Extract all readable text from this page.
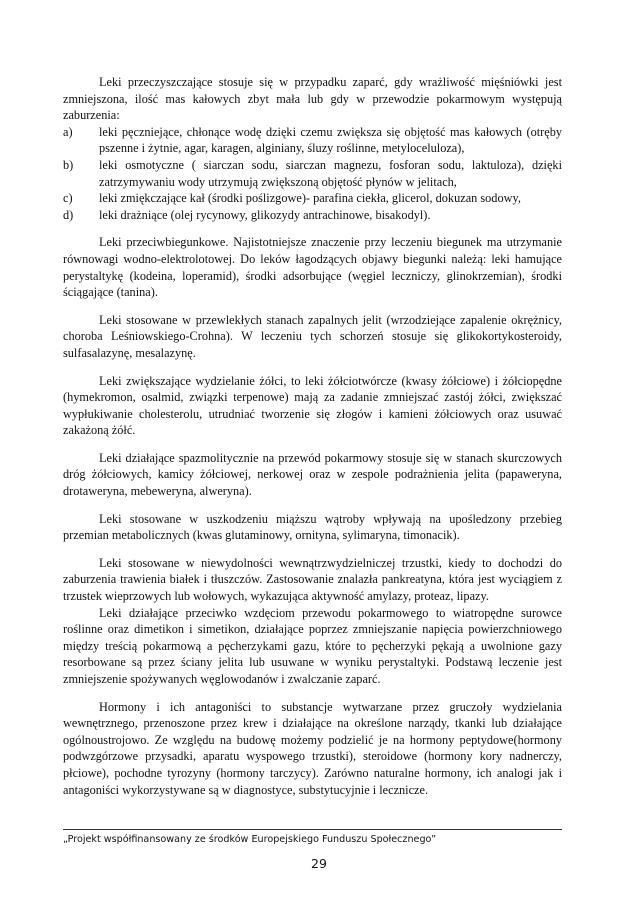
Leki przeczyszczające stosuje się w przypadku zaparć, gdy wrażliwość mięśniówki jest zmniejszona, ilość mas kałowych zbyt mała lub gdy w przewodzie pokarmowym występują zaburzenia:

a) leki pęczniejące, chłonące wodę dzięki czemu zwiększa się objętość mas kałowych (otręby pszenne i żytnie, agar, karagen, alginiany, śluzy roślinne, metyloceluloza),
b) leki osmotyczne ( siarczan sodu, siarczan magnezu, fosforan sodu, laktuloza), dzięki zatrzymywaniu wody utrzymują zwiększoną objętość płynów w jelitach,
c) leki zmiękczające kał (środki poślizgowe)- parafina ciekła, glicerol, dokuzan sodowy,
d) leki drażniące (olej rycynowy, glikozydy antrachinowe, bisakodyl).

Leki przeciwbiegunkowe. Najistotniejsze znaczenie przy leczeniu biegunek ma utrzymanie równowagi wodno-elektrolotowej. Do leków łagodzących objawy biegunki należą: leki hamujące perystaltykę (kodeina, loperamid), środki adsorbujące (węgiel leczniczy, glinokrzemian), środki ściągające (tanina).

Leki stosowane w przewlekłych stanach zapalnych jelit (wrzodziejące zapalenie okrężnicy, choroba Leśniowskiego-Crohna). W leczeniu tych schorzeń stosuje się glikokortykosteroidy, sulfasalazynę, mesalazynę.

Leki zwiększające wydzielanie żółci, to leki żółciotwórcze (kwasy żółciowe) i żółciopędne (hymekromon, osalmid, związki terpenowe) mają za zadanie zmniejszać zastój żółci, zwiększać wypłukiwanie cholesterolu, utrudniać tworzenie się złogów i kamieni żółciowych oraz usuwać zakażoną żółć.

Leki działające spazmolitycznie na przewód pokarmowy stosuje się w stanach skurczowych dróg żółciowych, kamicy żółciowej, nerkowej oraz w zespole podrażnienia jelita (papaweryna, drotaweryna, mebeweryna, alweryna).

Leki stosowane w uszkodzeniu miąższu wątroby wpływają na upośledzony przebieg przemian metabolicznych (kwas glutaminowy, ornityna, sylimaryna, timonacik).

Leki stosowane w niewydolności wewnątrzwydzielniczej trzustki, kiedy to dochodzi do zaburzenia trawienia białek i tłuszczów. Zastosowanie znalazła pankreatyna, która jest wyciągiem z trzustek wieprzowych lub wołowych, wykazująca aktywność amylazy, proteaz, lipazy.

Leki działające przeciwko wzdęciom przewodu pokarmowego to wiatropędne surowce roślinne oraz dimetikon i simetikon, działające poprzez zmniejszanie napięcia powierzchniowego między treścią pokarmową a pęcherzykami gazu, które to pęcherzyki pękają a uwolnione gazy resorbowane są przez ściany jelita lub usuwane w wyniku perystaltyki. Podstawą leczenie jest zmniejszenie spożywanych węglowodanów i zwalczanie zaparć.

Hormony i ich antagoniści to substancje wytwarzane przez gruczoły wydzielania wewnętrznego, przenoszone przez krew i działające na określone narządy, tkanki lub działające ogólnoustrojowo. Ze względu na budowę możemy podzielić je na hormony peptydowe(hormony podwzgórzowe przysadki, aparatu wyspowego trzustki), steroidowe (hormony kory nadnerczy, płciowe), pochodne tyrozyny (hormony tarczycy). Zarówno naturalne hormony, ich analogi jak i antagoniści wykorzystywane są w diagnostyce, substytucyjnie i lecznicze.

„Projekt współfinansowany ze środków Europejskiego Funduszu Społecznego”
29
